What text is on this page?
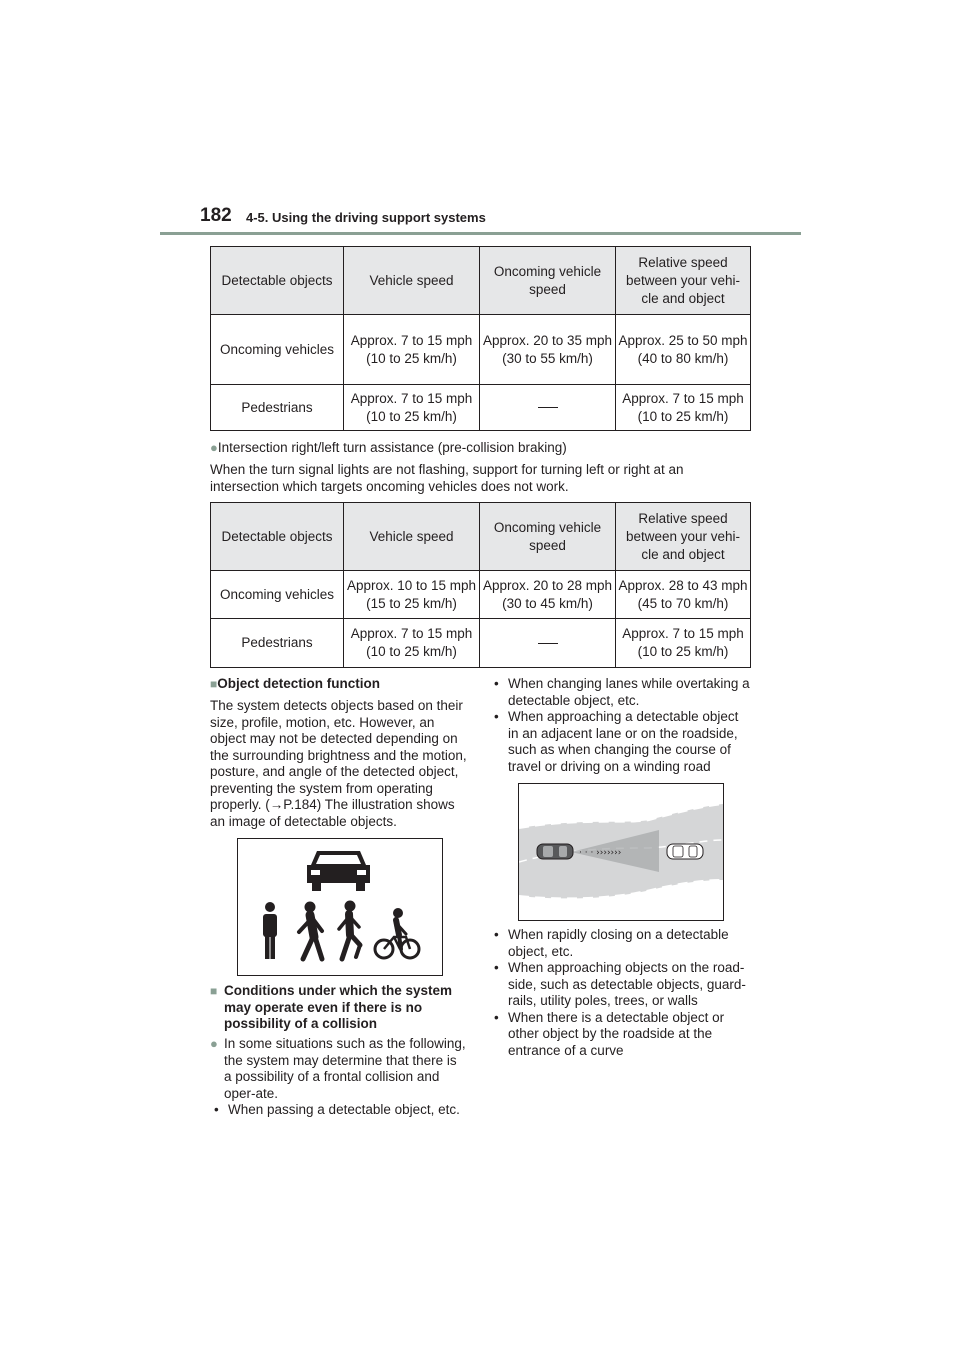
182 4-5. Using the driving support systems
Detectable objects	Vehicle speed	Oncoming vehicle speed	Relative speed between your vehi-cle and object
Oncoming vehicles	Approx. 7 to 15 mph (10 to 25 km/h)	Approx. 20 to 35 mph (30 to 55 km/h)	Approx. 25 to 50 mph (40 to 80 km/h)
Pedestrians	Approx. 7 to 15 mph (10 to 25 km/h)		Approx. 7 to 15 mph (10 to 25 km/h)
●Intersection right/left turn assistance (pre-collision braking)
When the turn signal lights are not flashing, support for turning left or right at an intersection which targets oncoming vehicles does not work.
Detectable objects	Vehicle speed	Oncoming vehicle speed	Relative speed between your vehi-cle and object
Oncoming vehicles	Approx. 10 to 15 mph (15 to 25 km/h)	Approx. 20 to 28 mph (30 to 45 km/h)	Approx. 28 to 43 mph (45 to 70 km/h)
Pedestrians	Approx. 7 to 15 mph (10 to 25 km/h)		Approx. 7 to 15 mph (10 to 25 km/h)
■Object detection function
The system detects objects based on their size, profile, motion, etc. However, an object may not be detected depending on the surrounding brightness and the motion, posture, and angle of the detected object, preventing the system from operating properly. (→P.184) The illustration shows an image of detectable objects.
■ Conditions under which the system may operate even if there is no possibility of a collision
● In some situations such as the following, the system may determine that there is a possibility of a frontal collision and oper-ate.
• When passing a detectable object, etc.
• When changing lanes while overtaking a detectable object, etc.
• When approaching a detectable object in an adjacent lane or on the roadside, such as when changing the course of travel or driving on a winding road
· · · ›››››››
• When rapidly closing on a detectable object, etc.
• When approaching objects on the road-side, such as detectable objects, guard-rails, utility poles, trees, or walls
• When there is a detectable object or other object by the roadside at the entrance of a curve
